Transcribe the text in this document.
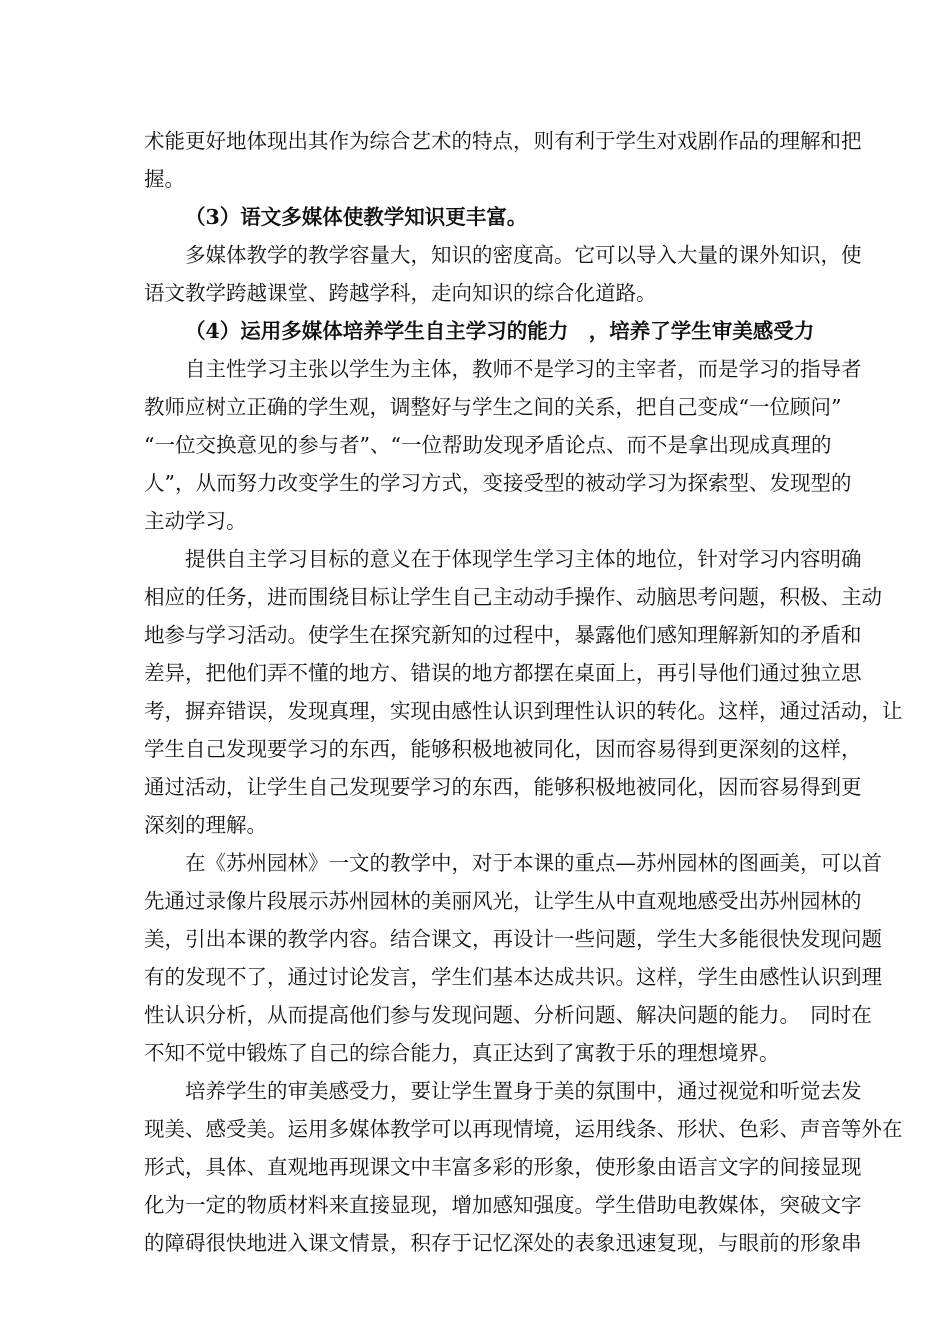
术能更好地体现出其作为综合艺术的特点，则有利于学生对戏剧作品的理解和把
握。
（3）语文多媒体使教学知识更丰富。
多媒体教学的教学容量大，知识的密度高。它可以导入大量的课外知识，使
语文教学跨越课堂、跨越学科，走向知识的综合化道路。
（4）运用多媒体培养学生自主学习的能力　，培养了学生审美感受力
自主性学习主张以学生为主体，教师不是学习的主宰者，而是学习的指导者
教师应树立正确的学生观，调整好与学生之间的关系，把自己变成“一位顾问”
“一位交换意见的参与者”、“一位帮助发现矛盾论点、而不是拿出现成真理的
人”，从而努力改变学生的学习方式，变接受型的被动学习为探索型、发现型的
主动学习。
提供自主学习目标的意义在于体现学生学习主体的地位，针对学习内容明确
相应的任务，进而围绕目标让学生自己主动动手操作、动脑思考问题，积极、主动
地参与学习活动。使学生在探究新知的过程中，暴露他们感知理解新知的矛盾和
差异，把他们弄不懂的地方、错误的地方都摆在桌面上，再引导他们通过独立思
考，摒弃错误，发现真理，实现由感性认识到理性认识的转化。这样，通过活动，让
学生自己发现要学习的东西，能够积极地被同化，因而容易得到更深刻的这样，
通过活动，让学生自己发现要学习的东西，能够积极地被同化，因而容易得到更
深刻的理解。
在《苏州园林》一文的教学中，对于本课的重点—苏州园林的图画美，可以首
先通过录像片段展示苏州园林的美丽风光，让学生从中直观地感受出苏州园林的
美，引出本课的教学内容。结合课文，再设计一些问题，学生大多能很快发现问题
有的发现不了，通过讨论发言，学生们基本达成共识。这样，学生由感性认识到理
性认识分析，从而提高他们参与发现问题、分析问题、解决问题的能力。　同时在
不知不觉中锻炼了自己的综合能力，真正达到了寓教于乐的理想境界。
培养学生的审美感受力，要让学生置身于美的氛围中，通过视觉和听觉去发
现美、感受美。运用多媒体教学可以再现情境，运用线条、形状、色彩、声音等外在
形式，具体、直观地再现课文中丰富多彩的形象，使形象由语言文字的间接显现
化为一定的物质材料来直接显现，增加感知强度。学生借助电教媒体，突破文字
的障碍很快地进入课文情景，积存于记忆深处的表象迅速复现，与眼前的形象串
